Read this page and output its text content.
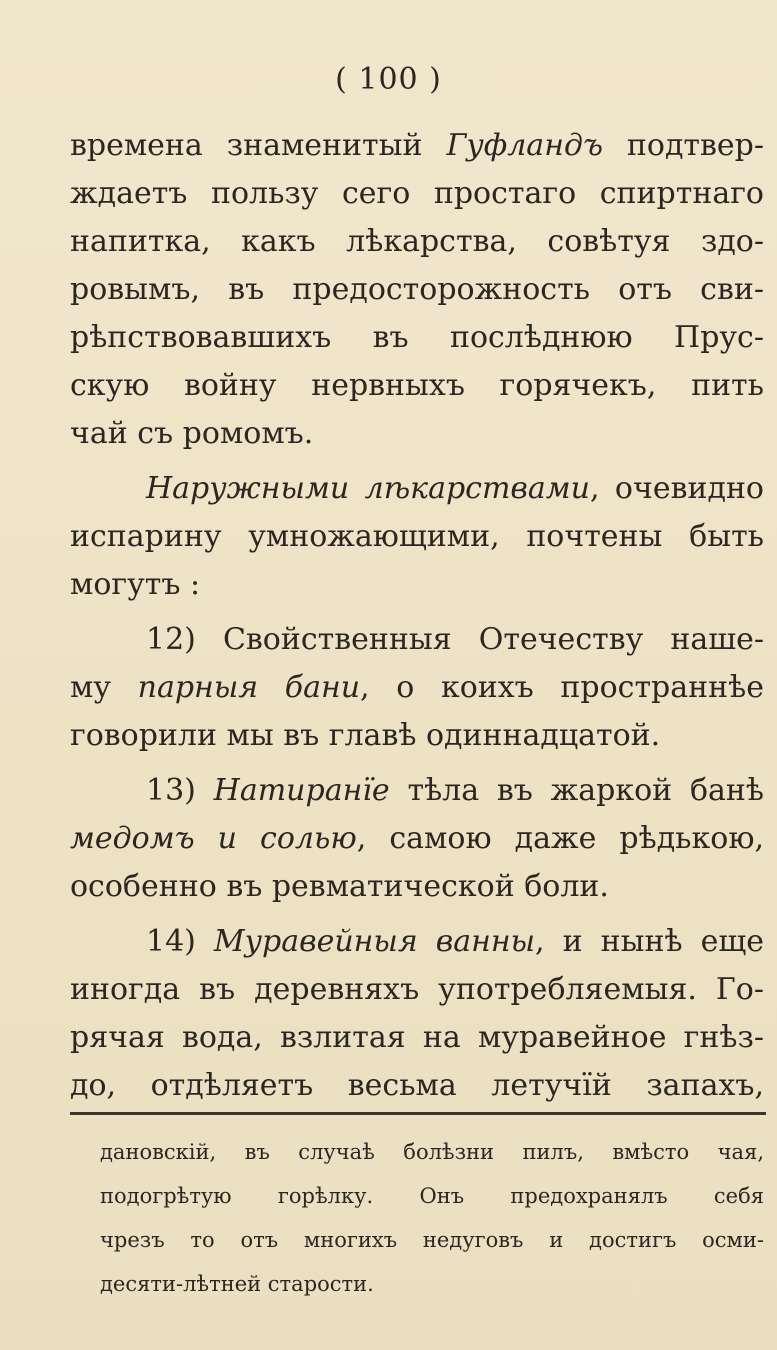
( 100 )

времена знаменитый Гуфландъ подтвер-
ждаетъ пользу сего простаго спиртнаго
напитка, какъ лѣкарства, совѣтуя здо-
ровымъ, въ предосторожность отъ сви-
рѣпствовавшихъ въ послѣднюю Прус-
скую войну нервныхъ горячекъ, пить
чай съ ромомъ.
Наружными лѣкарствами, очевидно
испарину умножающими, почтены быть
могутъ :
12) Свойственныя Отечеству наше-
му парныя бани, о коихъ пространнѣе
говорили мы въ главѣ одиннадцатой.
13) Натиранїе тѣла въ жаркой банѣ
медомъ и солью, самою даже рѣдькою,
особенно въ ревматической боли.
14) Муравейныя ванны, и нынѣ еще
иногда въ деревняхъ употребляемыя. Го-
рячая вода, взлитая на муравейное гнѣз-
до, отдѣляетъ весьма летучїй запахъ,
дановскій, въ случаѣ болѣзни пилъ, вмѣсто чая,
подогрѣтую горѣлку. Онъ предохранялъ себя
чрезъ то отъ многихъ недуговъ и достигъ осми-
десяти-лѣтней старости.
